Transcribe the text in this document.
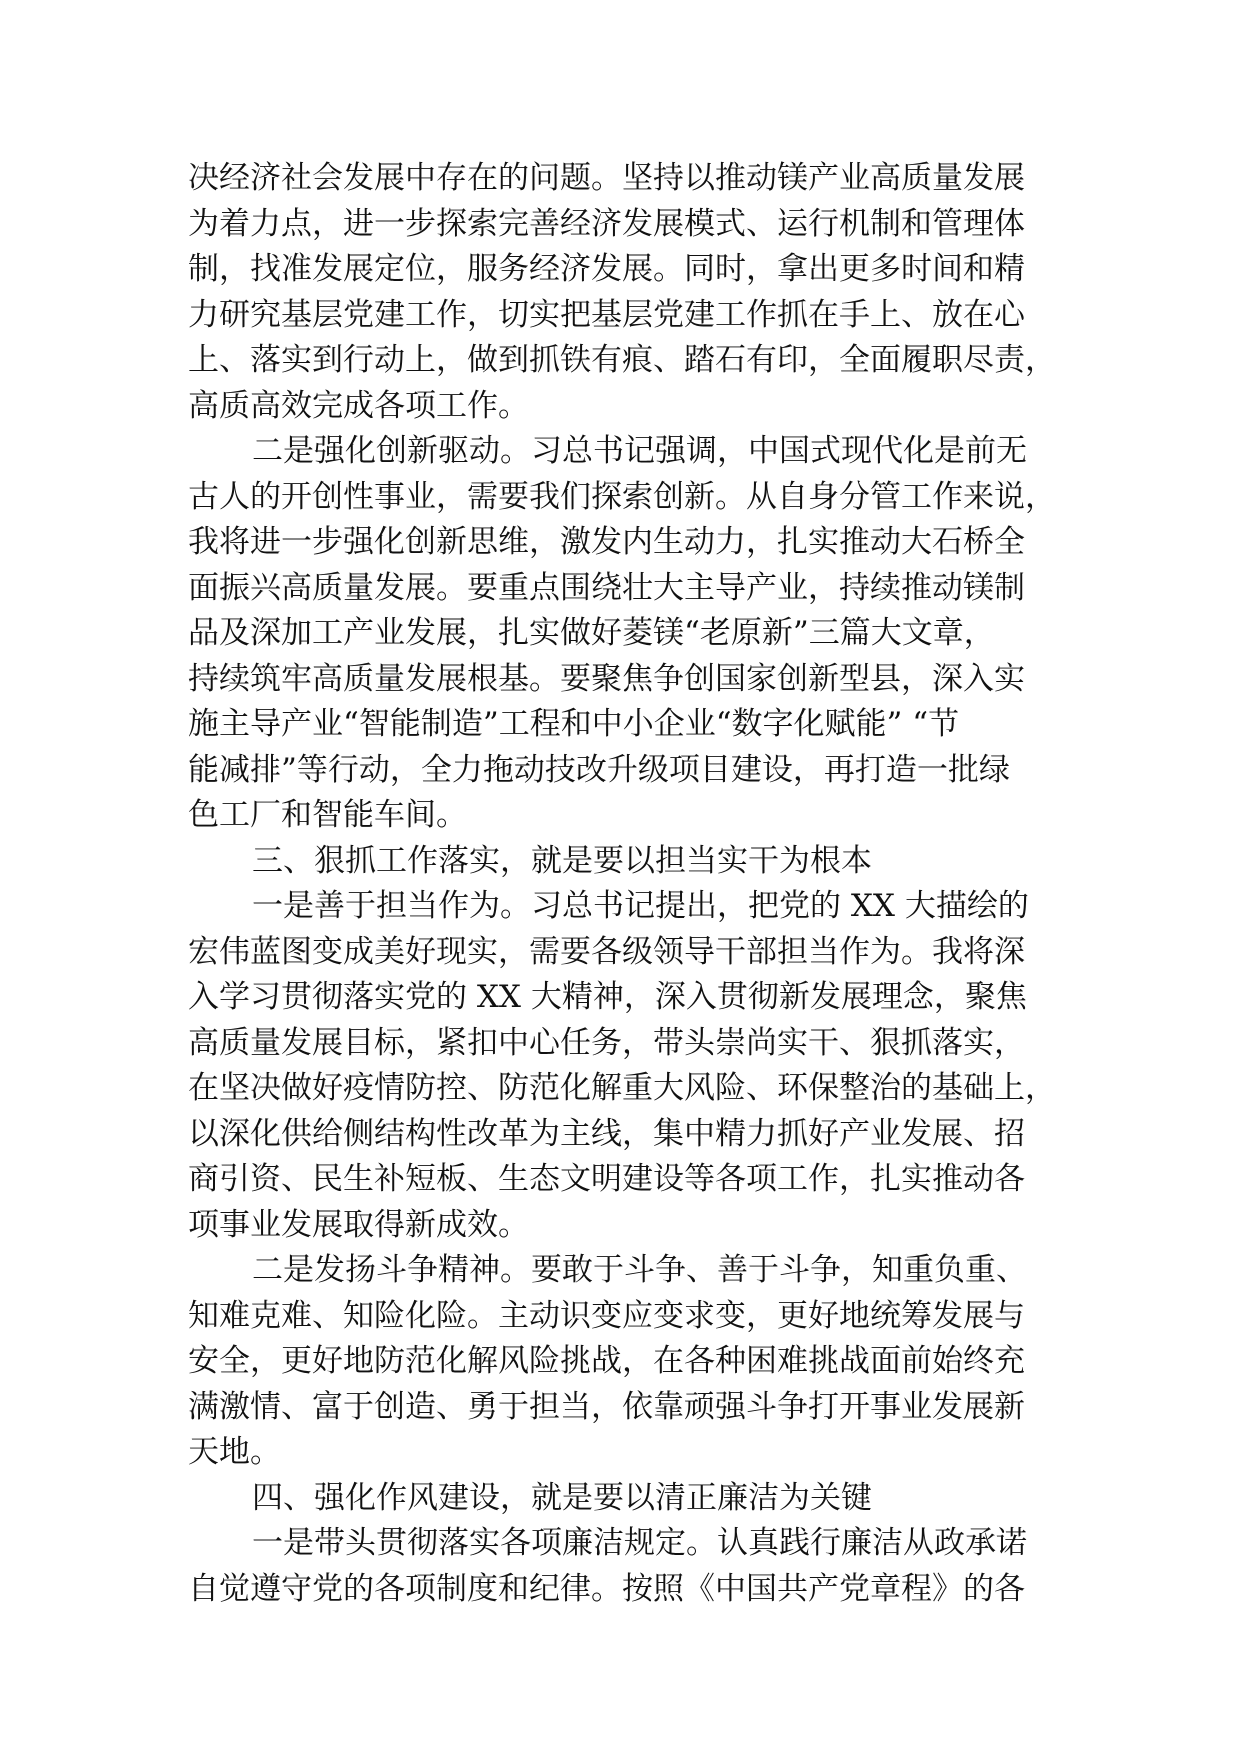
决经济社会发展中存在的问题。坚持以推动镁产业高质量发展
为着力点，进一步探索完善经济发展模式、运行机制和管理体
制，找准发展定位，服务经济发展。同时，拿出更多时间和精
力研究基层党建工作，切实把基层党建工作抓在手上、放在心
上、落实到行动上，做到抓铁有痕、踏石有印，全面履职尽责，
高质高效完成各项工作。
二是强化创新驱动。习总书记强调，中国式现代化是前无
古人的开创性事业，需要我们探索创新。从自身分管工作来说，
我将进一步强化创新思维，激发内生动力，扎实推动大石桥全
面振兴高质量发展。要重点围绕壮大主导产业，持续推动镁制
品及深加工产业发展，扎实做好菱镁“老原新”三篇大文章，
持续筑牢高质量发展根基。要聚焦争创国家创新型县，深入实
施主导产业“智能制造”工程和中小企业“数字化赋能” “节
能减排”等行动，全力拖动技改升级项目建设，再打造一批绿
色工厂和智能车间。
三、狠抓工作落实，就是要以担当实干为根本
一是善于担当作为。习总书记提出，把党的 XX 大描绘的
宏伟蓝图变成美好现实，需要各级领导干部担当作为。我将深
入学习贯彻落实党的 XX 大精神，深入贯彻新发展理念，聚焦
高质量发展目标，紧扣中心任务，带头崇尚实干、狠抓落实，
在坚决做好疫情防控、防范化解重大风险、环保整治的基础上，
以深化供给侧结构性改革为主线，集中精力抓好产业发展、招
商引资、民生补短板、生态文明建设等各项工作，扎实推动各
项事业发展取得新成效。
二是发扬斗争精神。要敢于斗争、善于斗争，知重负重、
知难克难、知险化险。主动识变应变求变，更好地统筹发展与
安全，更好地防范化解风险挑战，在各种困难挑战面前始终充
满激情、富于创造、勇于担当，依靠顽强斗争打开事业发展新
天地。
四、强化作风建设，就是要以清正廉洁为关键
一是带头贯彻落实各项廉洁规定。认真践行廉洁从政承诺
自觉遵守党的各项制度和纪律。按照《中国共产党章程》的各
